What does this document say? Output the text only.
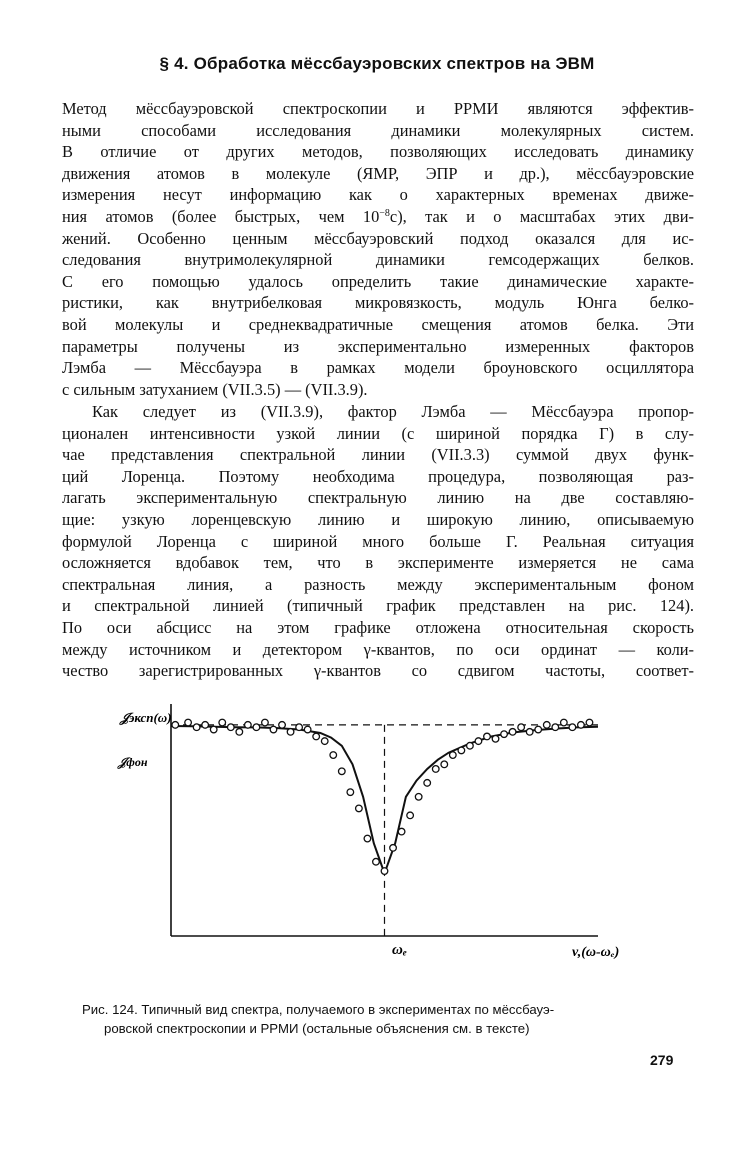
§ 4. Обработка мёссбауэровских спектров на ЭВМ
Метод мёссбауэровской спектроскопии и РРМИ являются эффектив-
ными способами исследования динамики молекулярных систем.
В отличие от других методов, позволяющих исследовать динамику
движения атомов в молекуле (ЯМР, ЭПР и др.), мёссбауэровские
измерения несут информацию как о характерных временах движе-
ния атомов (более быстрых, чем $10^{-8}с$), так и о масштабах этих дви-
жений. Особенно ценным мёссбауэровский подход оказался для ис-
следования внутримолекулярной динамики гемсодержащих белков.
С его помощью удалось определить такие динамические характе-
ристики, как внутрибелковая микровязкость, модуль Юнга белко-
вой молекулы и среднеквадратичные смещения атомов белка. Эти
параметры получены из экспериментально измеренных факторов
Лэмба — Мёссбауэра в рамках модели броуновского осциллятора
с сильным затуханием (VII.3.5) — (VII.3.9).
Как следует из (VII.3.9), фактор Лэмба — Мёссбауэра пропор-
ционален интенсивности узкой линии (с шириной порядка Г) в слу-
чае представления спектральной линии (VII.3.3) суммой двух функ-
ций Лоренца. Поэтому необходима процедура, позволяющая раз-
лагать экспериментальную спектральную линию на две составляю-
щие: узкую лоренцевскую линию и широкую линию, описываемую
формулой Лоренца с шириной много больше Г. Реальная ситуация
осложняется вдобавок тем, что в эксперименте измеряется не сама
спектральная линия, а разность между экспериментальным фоном
и спектральной линией (типичный график представлен на рис. 124).
По оси абсцисс на этом графике отложена относительная скорость
между источником и детектором γ-квантов, по оси ординат — коли-
чество зарегистрированных γ-квантов со сдвигом частоты, соответ-
𝒥эксп(ω)
𝒥фон
ωₑ	v,(ω-ωₑ)
Рис. 124. Типичный вид спектра, получаемого в экспериментах по мёссбауэ-
ровской спектроскопии и РРМИ (остальные объяснения см. в тексте)
279
